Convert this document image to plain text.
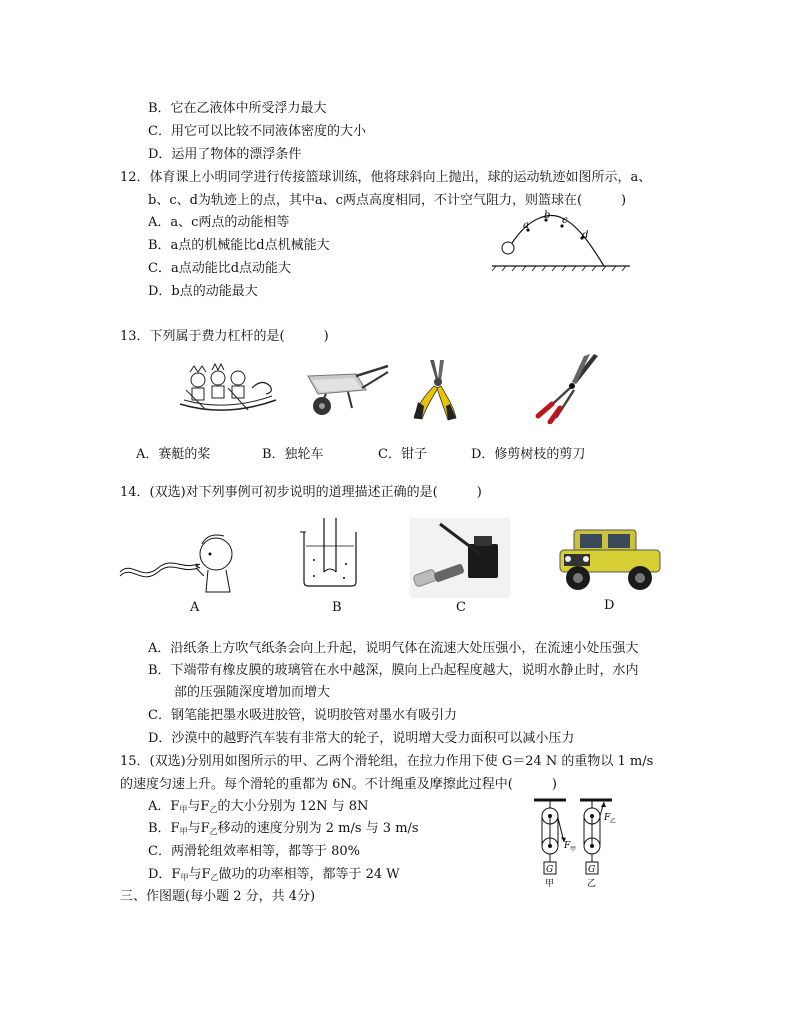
B．它在乙液体中所受浮力最大
C．用它可以比较不同液体密度的大小
D．运用了物体的漂浮条件
12．体育课上小明同学进行传接篮球训练，他将球斜向上抛出，球的运动轨迹如图所示，a、
b、c、d为轨迹上的点，其中a、c两点高度相同，不计空气阻力，则篮球在(　　　)
A．a、c两点的动能相等
B．a点的机械能比d点机械能大
C．a点动能比d点动能大
D．b点的动能最大
a
b c
d
13．下列属于费力杠杆的是(　　　)
A．赛艇的桨	B．独轮车	C．钳子	D．修剪树枝的剪刀
14．(双选)对下列事例可初步说明的道理描述正确的是(　　　)
A	B	C	D
A．沿纸条上方吹气纸条会向上升起，说明气体在流速大处压强小，在流速小处压强大
B．下端带有橡皮膜的玻璃管在水中越深，膜向上凸起程度越大，说明水静止时，水内
部的压强随深度增加而增大
C．钢笔能把墨水吸进胶管，说明胶管对墨水有吸引力
D．沙漠中的越野汽车装有非常大的轮子，说明增大受力面积可以减小压力
15．(双选)分别用如图所示的甲、乙两个滑轮组，在拉力作用下使 G＝24 N 的重物以 1 m/s
的速度匀速上升。每个滑轮的重都为 6N。不计绳重及摩擦此过程中(　　　)
A．$F_甲$与$F_乙$的大小分别为 12N 与 8N
B．$F_甲$与$F_乙$移动的速度分别为 2 m/s 与 3 m/s
C．两滑轮组效率相等，都等于 80%
D．$F_甲$与$F_乙$做功的功率相等，都等于 24 W
F 甲
G
甲
F 乙
G
乙
三、作图题(每小题 2 分，共 4分)
